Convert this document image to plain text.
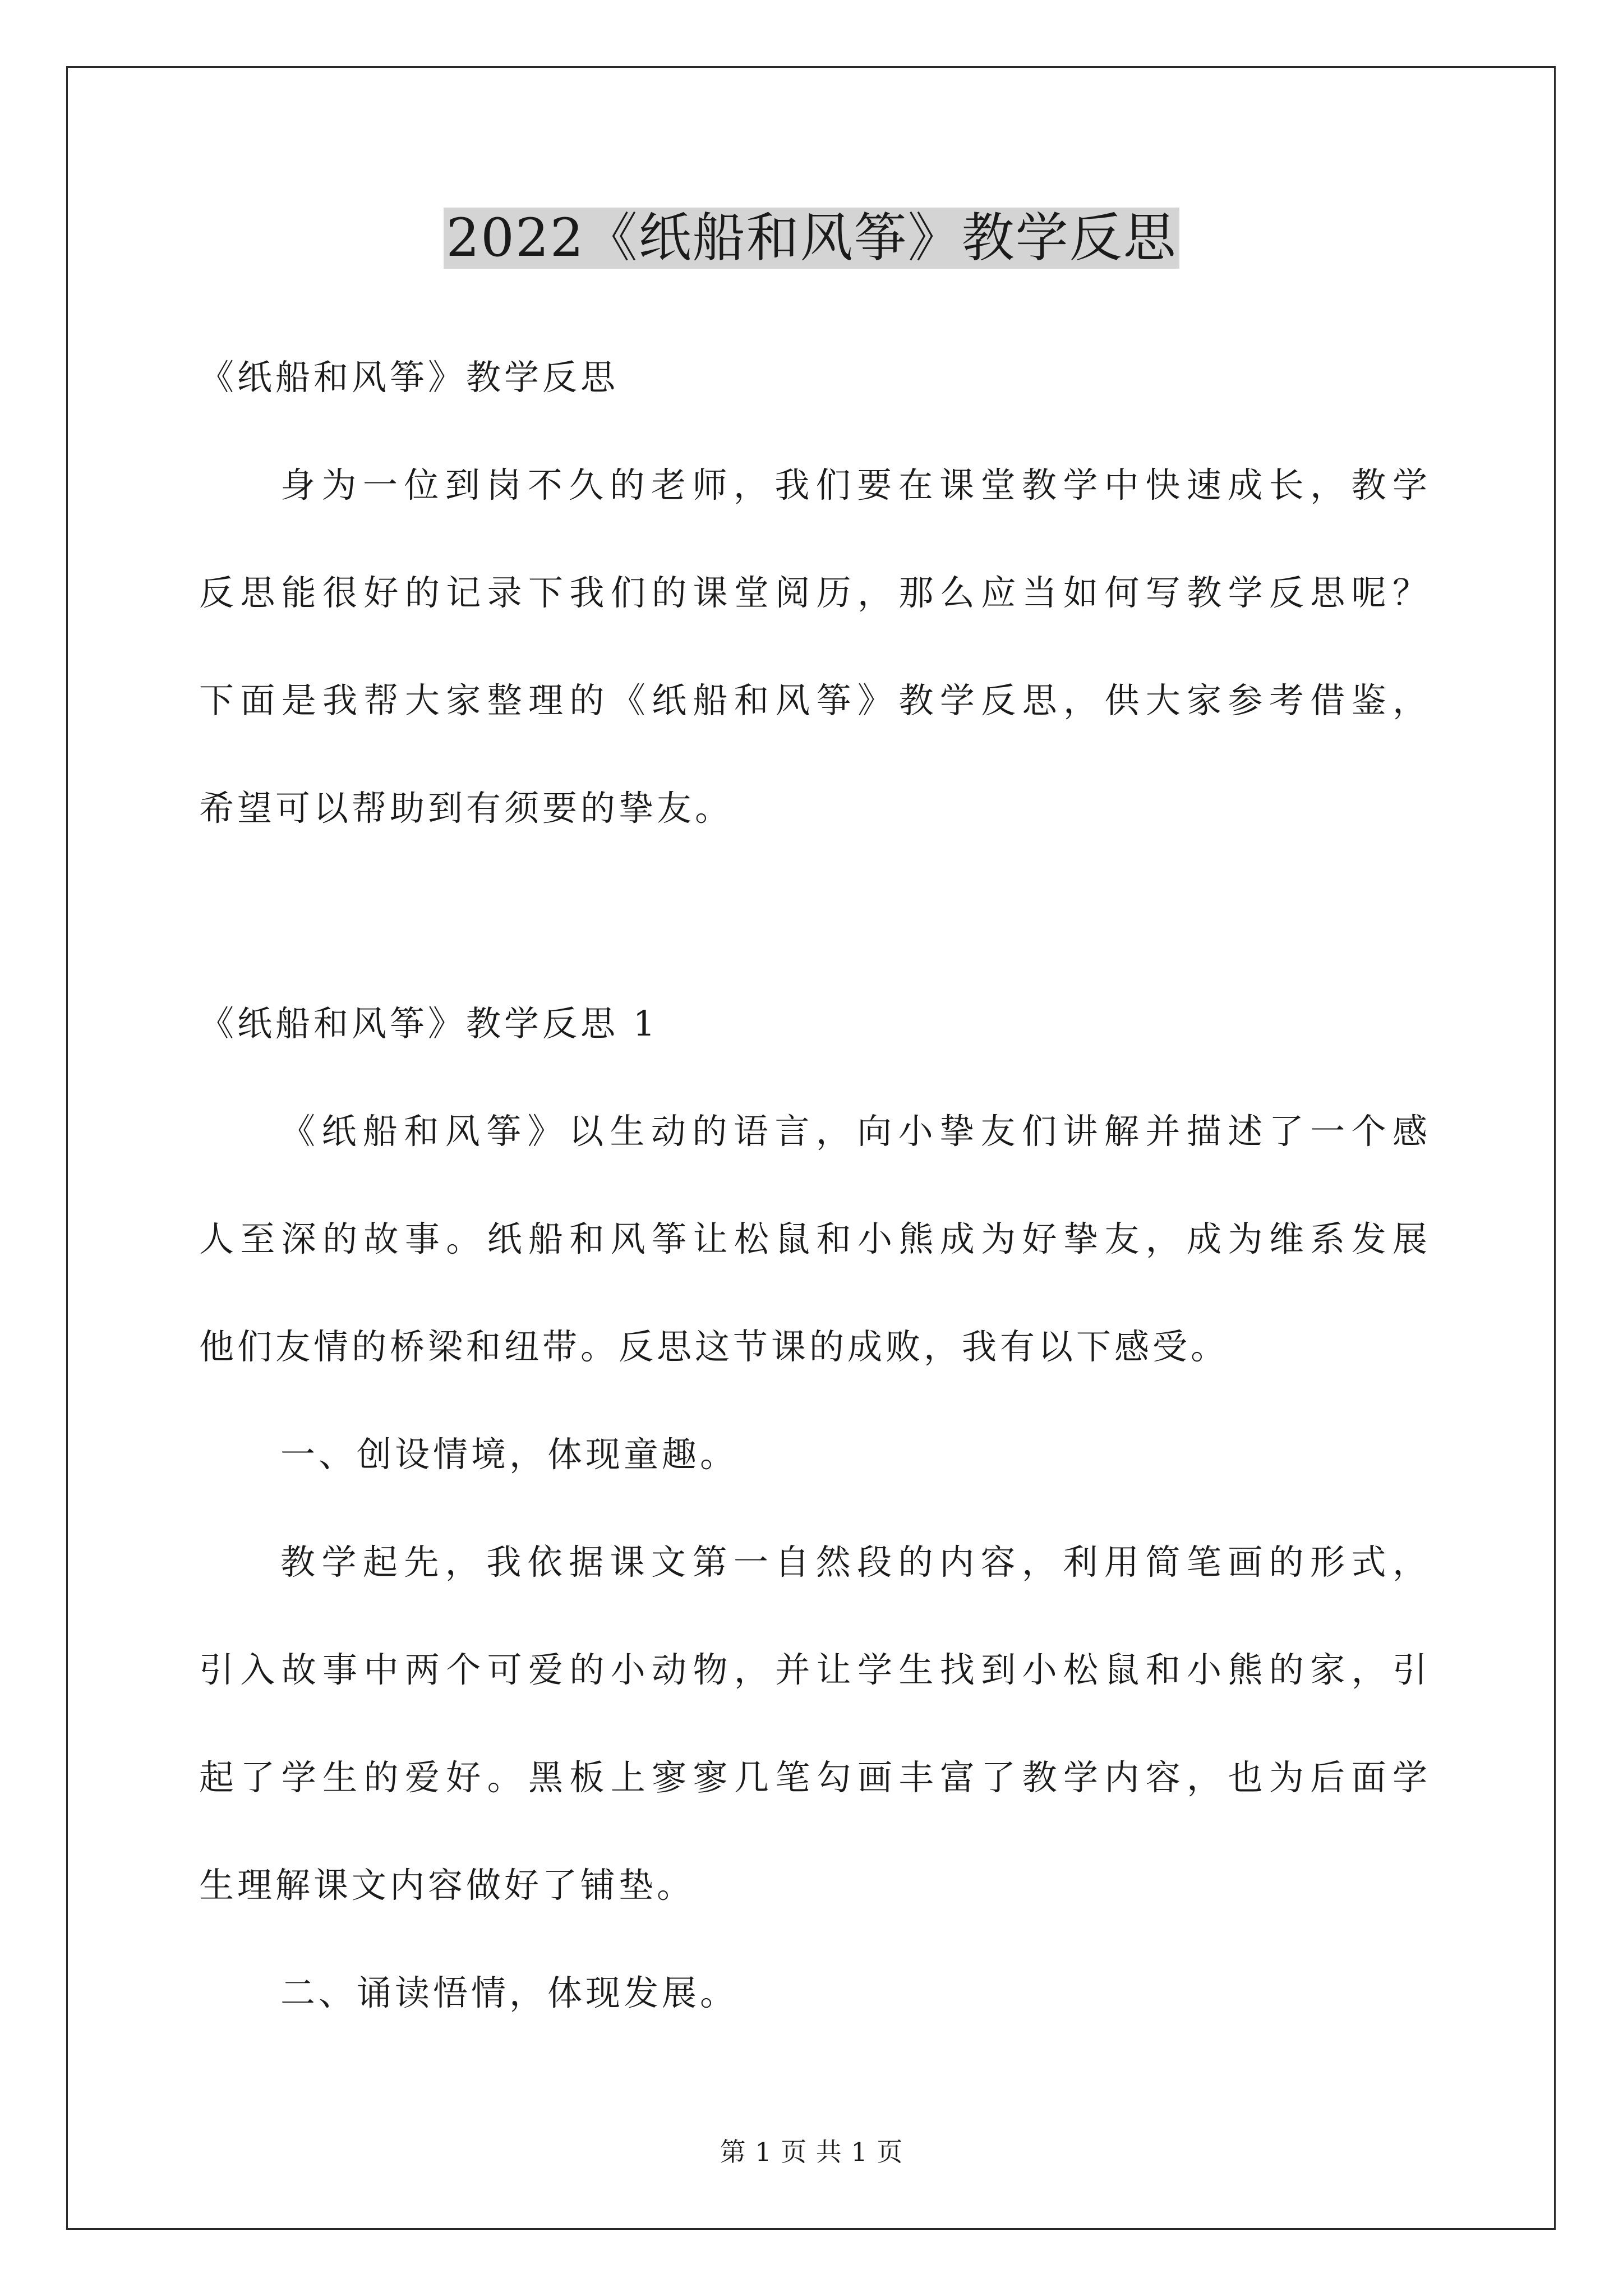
2022《纸船和风筝》教学反思
《纸船和风筝》教学反思
身为一位到岗不久的老师，我们要在课堂教学中快速成长，教学
反思能很好的记录下我们的课堂阅历，那么应当如何写教学反思呢？
下面是我帮大家整理的《纸船和风筝》教学反思，供大家参考借鉴，
希望可以帮助到有须要的挚友。
《纸船和风筝》教学反思 1
《纸船和风筝》以生动的语言，向小挚友们讲解并描述了一个感
人至深的故事。纸船和风筝让松鼠和小熊成为好挚友，成为维系发展
他们友情的桥梁和纽带。反思这节课的成败，我有以下感受。
一、创设情境，体现童趣。
教学起先，我依据课文第一自然段的内容，利用简笔画的形式，
引入故事中两个可爱的小动物，并让学生找到小松鼠和小熊的家，引
起了学生的爱好。黑板上寥寥几笔勾画丰富了教学内容，也为后面学
生理解课文内容做好了铺垫。
二、诵读悟情，体现发展。
第 1 页 共 1 页
